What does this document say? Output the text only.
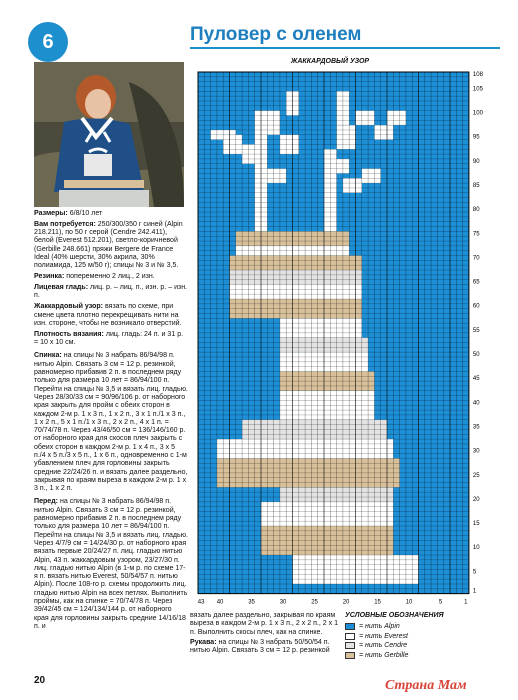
6	Пуловер с оленем

Размеры: 6/8/10 лет

Вам потребуется: 250/300/350 г синей (Alpin 218.211), по 50 г серой (Cendre 242.411), белой (Everest 512.201), светло-коричневой (Gerbille 248.661) пряжи Bergere de France Ideal (40% шерсти, 30% акрила, 30% полиамида, 125 м/50 г); спицы № 3 и № 3,5.

Резинка: попеременно 2 лиц., 2 изн.

Лицевая гладь: лиц. р. – лиц. п., изн. р. – изн. п.

Жаккардовый узор: вязать по схеме, при смене цвета плотно перекрещивать нити на изн. стороне, чтобы не возникало отверстий.

Плотность вязания: лиц. гладь: 24 п. и 31 р. = 10 х 10 см.

Спинка: на спицы № 3 набрать 86/94/98 п. нитью Alpin. Связать 3 см = 12 р. резинкой, равномерно прибавив 2 п. в последнем ряду только для размера 10 лет = 86/94/100 п. Перейти на спицы № 3,5 и вязать лиц. гладью. Через 28/30/33 см = 90/96/106 р. от наборного края закрыть для пройм с обеих сторон в каждом 2-м р. 1 х 3 п., 1 х 2 п., 3 х 1 п./1 х 3 п., 1 х 2 п., 5 х 1 п./1 х 3 п., 2 х 2 п., 4 х 1 п. = 70/74/78 п. Через 43/46/50 см = 136/146/160 р. от наборного края для скосов плеч закрыть с обеих сторон в каждом 2-м р. 1 х 4 п., 3 х 5 п./4 х 5 п./3 х 5 п., 1 х 6 п., одновременно с 1-м убавлением плеч для горловины закрыть средние 22/24/26 п. и вязать далее раздельно, закрывая по краям выреза в каждом 2-м р. 1 х 3 п., 1 х 2 п.

Перед: на спицы № 3 набрать 86/94/98 п. нитью Alpin. Связать 3 см = 12 р. резинкой, равномерно прибавив 2 п. в последнем ряду только для размера 10 лет = 86/94/100 п. Перейти на спицы № 3,5 и вязать лиц. гладью. Через 4/7/9 см = 14/24/30 р. от наборного края вязать первые 20/24/27 п. лиц. гладью нитью Alpin, 43 п. жаккардовым узором, 23/27/30 п. лиц. гладью нитью Alpin (в 1-м р. по схеме 17-я п. вязать нитью Everest, 50/54/57 п. нитью Alpin). После 108-го р. схемы продолжить лиц. гладью нитью Alpin на всех петлях. Выполнить проймы, как на спинке = 70/74/78 п. Через 39/42/45 см = 124/134/144 р. от наборного края для горловины закрыть средние 14/16/18 п. и

вязать далее раздельно, закрывая по краям выреза в каждом 2-м р. 1 х 3 п., 2 х 2 п., 2 х 1 п. Выполнить скосы плеч, как на спинке.

Рукава: на спицы № 3 набрать 50/50/54 п. нитью Alpin. Связать 3 см = 12 р. резинкой

20
ЖАККАРДОВЫЙ УЗОР
108
105
100
95
90
85
80
75
70
65
60
55
50
45
40
35
30
25
20
15
10
5
1
43 40	35	30	25	20	15	10	5	1
УСЛОВНЫЕ ОБОЗНАЧЕНИЯ
= нить Alpin
= нить Everest
= нить Cendre
= нить Gerbille
Страна Мам
